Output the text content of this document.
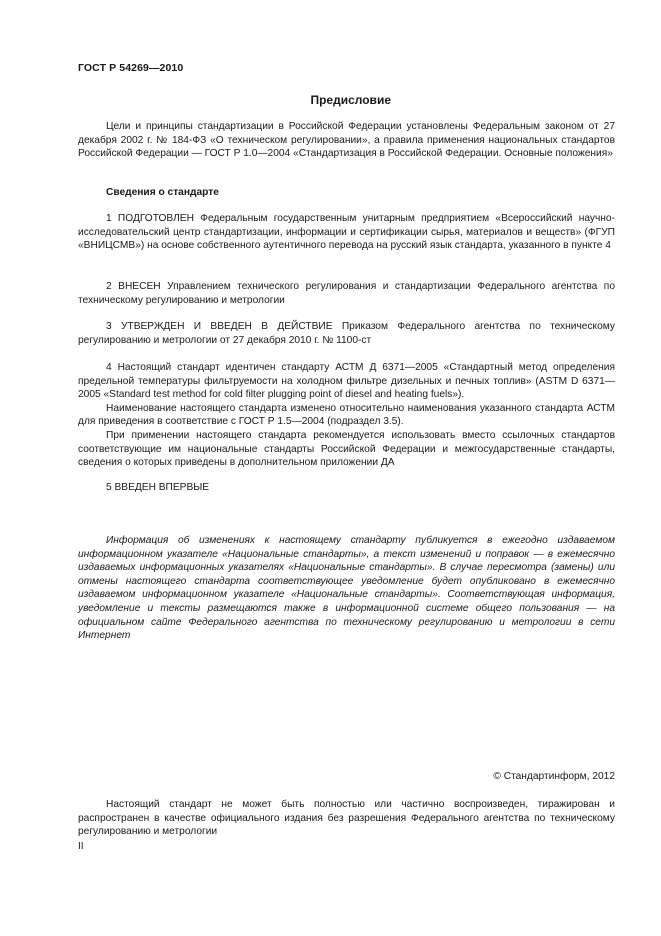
ГОСТ Р 54269—2010
Предисловие

Цели и принципы стандартизации в Российской Федерации установлены Федеральным законом от 27 декабря 2002 г. № 184-ФЗ «О техническом регулировании», а правила применения национальных стандартов Российской Федерации — ГОСТ Р 1.0—2004 «Стандартизация в Российской Федерации. Основные положения»

Сведения о стандарте

1 ПОДГОТОВЛЕН Федеральным государственным унитарным предприятием «Всероссийский научно-исследовательский центр стандартизации, информации и сертификации сырья, материалов и веществ» (ФГУП «ВНИЦСМВ») на основе собственного аутентичного перевода на русский язык стандарта, указанного в пункте 4

2 ВНЕСЕН Управлением технического регулирования и стандартизации Федерального агентства по техническому регулированию и метрологии

3 УТВЕРЖДЕН И ВВЕДЕН В ДЕЙСТВИЕ Приказом Федерального агентства по техническому регулированию и метрологии от 27 декабря 2010 г. № 1100-ст

4 Настоящий стандарт идентичен стандарту АСТМ Д 6371—2005 «Стандартный метод определения предельной температуры фильтруемости на холодном фильтре дизельных и печных топлив» (ASTM D 6371—2005 «Standard test method for cold filter plugging point of diesel and heating fuels»).

Наименование настоящего стандарта изменено относительно наименования указанного стандарта АСТМ для приведения в соответствие с ГОСТ Р 1.5—2004 (подраздел 3.5).

При применении настоящего стандарта рекомендуется использовать вместо ссылочных стандартов соответствующие им национальные стандарты Российской Федерации и межгосударственные стандарты, сведения о которых приведены в дополнительном приложении ДА

5 ВВЕДЕН ВПЕРВЫЕ

Информация об изменениях к настоящему стандарту публикуется в ежегодно издаваемом информационном указателе «Национальные стандарты», а текст изменений и поправок — в ежемесячно издаваемых информационных указателях «Национальные стандарты». В случае пересмотра (замены) или отмены настоящего стандарта соответствующее уведомление будет опубликовано в ежемесячно издаваемом информационном указателе «Национальные стандарты». Соответствующая информация, уведомление и тексты размещаются также в информационной системе общего пользования — на официальном сайте Федерального агентства по техническому регулированию и метрологии в сети Интернет

© Стандартинформ, 2012

Настоящий стандарт не может быть полностью или частично воспроизведен, тиражирован и распространен в качестве официального издания без разрешения Федерального агентства по техническому регулированию и метрологии

II
